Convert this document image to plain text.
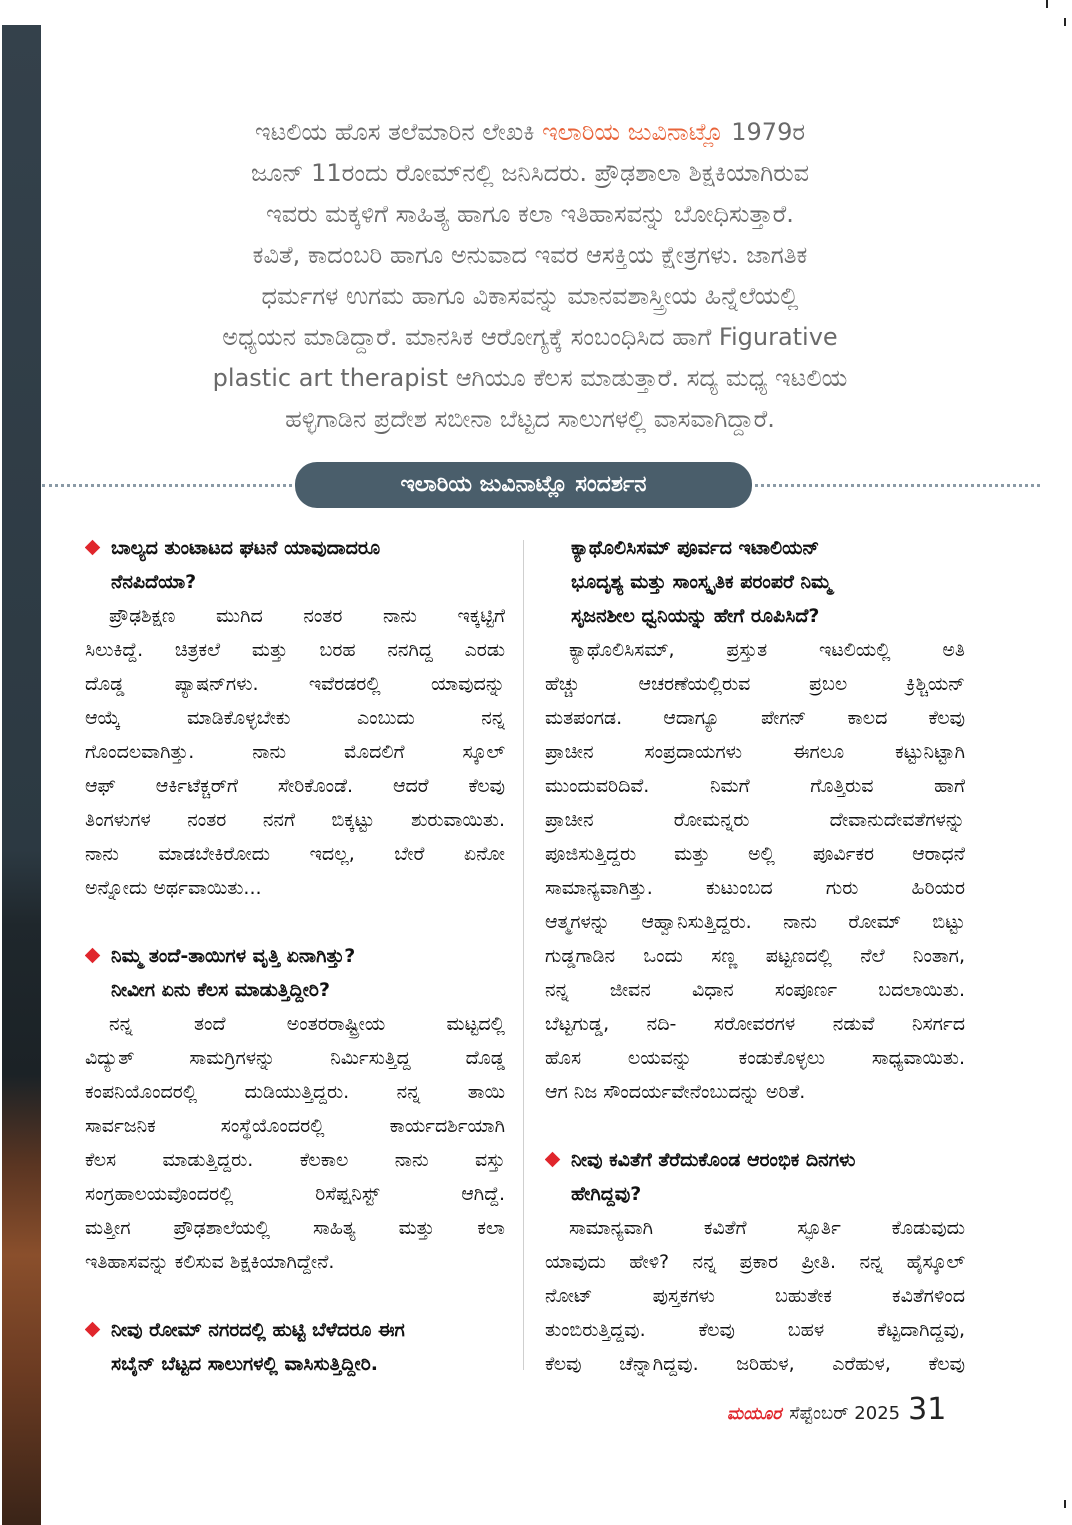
ಇಟಲಿಯ ಹೊಸ ತಲೆಮಾರಿನ ಲೇಖಕಿ ಇಲಾರಿಯ ಜುವಿನಾಟ್ಲೊ 1979ರ
ಜೂನ್ 11ರಂದು ರೋಮ್‌ನಲ್ಲಿ ಜನಿಸಿದರು. ಪ್ರೌಢಶಾಲಾ ಶಿಕ್ಷಕಿಯಾಗಿರುವ
ಇವರು ಮಕ್ಕಳಿಗೆ ಸಾಹಿತ್ಯ ಹಾಗೂ ಕಲಾ ಇತಿಹಾಸವನ್ನು ಬೋಧಿಸುತ್ತಾರೆ.
ಕವಿತೆ, ಕಾದಂಬರಿ ಹಾಗೂ ಅನುವಾದ ಇವರ ಆಸಕ್ತಿಯ ಕ್ಷೇತ್ರಗಳು. ಜಾಗತಿಕ
ಧರ್ಮಗಳ ಉಗಮ ಹಾಗೂ ವಿಕಾಸವನ್ನು ಮಾನವಶಾಸ್ತ್ರೀಯ ಹಿನ್ನೆಲೆಯಲ್ಲಿ
ಅಧ್ಯಯನ ಮಾಡಿದ್ದಾರೆ. ಮಾನಸಿಕ ಆರೋಗ್ಯಕ್ಕೆ ಸಂಬಂಧಿಸಿದ ಹಾಗೆ Figurative
plastic art therapist ಆಗಿಯೂ ಕೆಲಸ ಮಾಡುತ್ತಾರೆ. ಸದ್ಯ ಮಧ್ಯ ಇಟಲಿಯ
ಹಳ್ಳಿಗಾಡಿನ ಪ್ರದೇಶ ಸಬೀನಾ ಬೆಟ್ಟದ ಸಾಲುಗಳಲ್ಲಿ ವಾಸವಾಗಿದ್ದಾರೆ.
ಇಲಾರಿಯ ಜುವಿನಾಟ್ಲೊ ಸಂದರ್ಶನ
ಬಾಲ್ಯದ ತುಂಟಾಟದ ಘಟನೆ ಯಾವುದಾದರೂ
ನೆನಪಿದೆಯಾ?
ಪ್ರೌಢಶಿಕ್ಷಣ ಮುಗಿದ ನಂತರ ನಾನು ಇಕ್ಕಟ್ಟಿಗೆ
ಸಿಲುಕಿದ್ದೆ. ಚಿತ್ರಕಲೆ ಮತ್ತು ಬರಹ ನನಗಿದ್ದ ಎರಡು
ದೊಡ್ಡ ಪ್ಯಾಷನ್‌ಗಳು. ಇವೆರಡರಲ್ಲಿ ಯಾವುದನ್ನು
ಆಯ್ಕೆ ಮಾಡಿಕೊಳ್ಳಬೇಕು ಎಂಬುದು ನನ್ನ
ಗೊಂದಲವಾಗಿತ್ತು. ನಾನು ಮೊದಲಿಗೆ ಸ್ಕೂಲ್
ಆಫ್ ಆರ್ಕಿಟೆಕ್ಚರ್‌ಗೆ ಸೇರಿಕೊಂಡೆ. ಆದರೆ ಕೆಲವು
ತಿಂಗಳುಗಳ ನಂತರ ನನಗೆ ಬಿಕ್ಕಟ್ಟು ಶುರುವಾಯಿತು.
ನಾನು ಮಾಡಬೇಕಿರೋದು ಇದಲ್ಲ, ಬೇರೆ ಏನೋ
ಅನ್ನೋದು ಅರ್ಥವಾಯಿತು...
ನಿಮ್ಮ ತಂದೆ-ತಾಯಿಗಳ ವೃತ್ತಿ ಏನಾಗಿತ್ತು?
ನೀವೀಗ ಏನು ಕೆಲಸ ಮಾಡುತ್ತಿದ್ದೀರಿ?
ನನ್ನ ತಂದೆ ಅಂತರರಾಷ್ಟ್ರೀಯ ಮಟ್ಟದಲ್ಲಿ
ವಿದ್ಯುತ್ ಸಾಮಗ್ರಿಗಳನ್ನು ನಿರ್ಮಿಸುತ್ತಿದ್ದ ದೊಡ್ಡ
ಕಂಪನಿಯೊಂದರಲ್ಲಿ ದುಡಿಯುತ್ತಿದ್ದರು. ನನ್ನ ತಾಯಿ
ಸಾರ್ವಜನಿಕ ಸಂಸ್ಥೆಯೊಂದರಲ್ಲಿ ಕಾರ್ಯದರ್ಶಿಯಾಗಿ
ಕೆಲಸ ಮಾಡುತ್ತಿದ್ದರು. ಕೆಲಕಾಲ ನಾನು ವಸ್ತು
ಸಂಗ್ರಹಾಲಯವೊಂದರಲ್ಲಿ ರಿಸೆಪ್ಷನಿಸ್ಟ್ ಆಗಿದ್ದೆ.
ಮತ್ತೀಗ ಪ್ರೌಢಶಾಲೆಯಲ್ಲಿ ಸಾಹಿತ್ಯ ಮತ್ತು ಕಲಾ
ಇತಿಹಾಸವನ್ನು ಕಲಿಸುವ ಶಿಕ್ಷಕಿಯಾಗಿದ್ದೇನೆ.
ನೀವು ರೋಮ್ ನಗರದಲ್ಲಿ ಹುಟ್ಟಿ ಬೆಳೆದರೂ ಈಗ
ಸಬೈನ್ ಬೆಟ್ಟದ ಸಾಲುಗಳಲ್ಲಿ ವಾಸಿಸುತ್ತಿದ್ದೀರಿ.
ಕ್ಯಾಥೊಲಿಸಿಸಮ್ ಪೂರ್ವದ ಇಟಾಲಿಯನ್
ಭೂದೃಶ್ಯ ಮತ್ತು ಸಾಂಸ್ಕೃತಿಕ ಪರಂಪರೆ ನಿಮ್ಮ
ಸೃಜನಶೀಲ ಧ್ವನಿಯನ್ನು ಹೇಗೆ ರೂಪಿಸಿದೆ?
ಕ್ಯಾಥೊಲಿಸಿಸಮ್, ಪ್ರಸ್ತುತ ಇಟಲಿಯಲ್ಲಿ ಅತಿ
ಹೆಚ್ಚು ಆಚರಣೆಯಲ್ಲಿರುವ ಪ್ರಬಲ ಕ್ರಿಶ್ಚಿಯನ್
ಮತಪಂಗಡ. ಆದಾಗ್ಯೂ ಪೇಗನ್ ಕಾಲದ ಕೆಲವು
ಪ್ರಾಚೀನ ಸಂಪ್ರದಾಯಗಳು ಈಗಲೂ ಕಟ್ಟುನಿಟ್ಟಾಗಿ
ಮುಂದುವರಿದಿವೆ. ನಿಮಗೆ ಗೊತ್ತಿರುವ ಹಾಗೆ
ಪ್ರಾಚೀನ ರೋಮನ್ನರು ದೇವಾನುದೇವತೆಗಳನ್ನು
ಪೂಜಿಸುತ್ತಿದ್ದರು ಮತ್ತು ಅಲ್ಲಿ ಪೂರ್ವಿಕರ ಆರಾಧನೆ
ಸಾಮಾನ್ಯವಾಗಿತ್ತು. ಕುಟುಂಬದ ಗುರು ಹಿರಿಯರ
ಆತ್ಮಗಳನ್ನು ಆಹ್ವಾನಿಸುತ್ತಿದ್ದರು. ನಾನು ರೋಮ್ ಬಿಟ್ಟು
ಗುಡ್ಡಗಾಡಿನ ಒಂದು ಸಣ್ಣ ಪಟ್ಟಣದಲ್ಲಿ ನೆಲೆ ನಿಂತಾಗ,
ನನ್ನ ಜೀವನ ವಿಧಾನ ಸಂಪೂರ್ಣ ಬದಲಾಯಿತು.
ಬೆಟ್ಟಗುಡ್ಡ, ನದಿ- ಸರೋವರಗಳ ನಡುವೆ ನಿಸರ್ಗದ
ಹೊಸ ಲಯವನ್ನು ಕಂಡುಕೊಳ್ಳಲು ಸಾಧ್ಯವಾಯಿತು.
ಆಗ ನಿಜ ಸೌಂದರ್ಯವೇನೆಂಬುದನ್ನು ಅರಿತೆ.
ನೀವು ಕವಿತೆಗೆ ತೆರೆದುಕೊಂಡ ಆರಂಭಿಕ ದಿನಗಳು
ಹೇಗಿದ್ದವು?
ಸಾಮಾನ್ಯವಾಗಿ ಕವಿತೆಗೆ ಸ್ಫೂರ್ತಿ ಕೊಡುವುದು
ಯಾವುದು ಹೇಳಿ? ನನ್ನ ಪ್ರಕಾರ ಪ್ರೀತಿ. ನನ್ನ ಹೈಸ್ಕೂಲ್
ನೋಟ್ ಪುಸ್ತಕಗಳು ಬಹುತೇಕ ಕವಿತೆಗಳಿಂದ
ತುಂಬಿರುತ್ತಿದ್ದವು. ಕೆಲವು ಬಹಳ ಕೆಟ್ಟದಾಗಿದ್ದವು,
ಕೆಲವು ಚೆನ್ನಾಗಿದ್ದವು. ಜರಿಹುಳ, ಎರೆಹುಳ, ಕೆಲವು
ಮಯೂರ ಸೆಪ್ಟೆಂಬರ್ 2025 31
